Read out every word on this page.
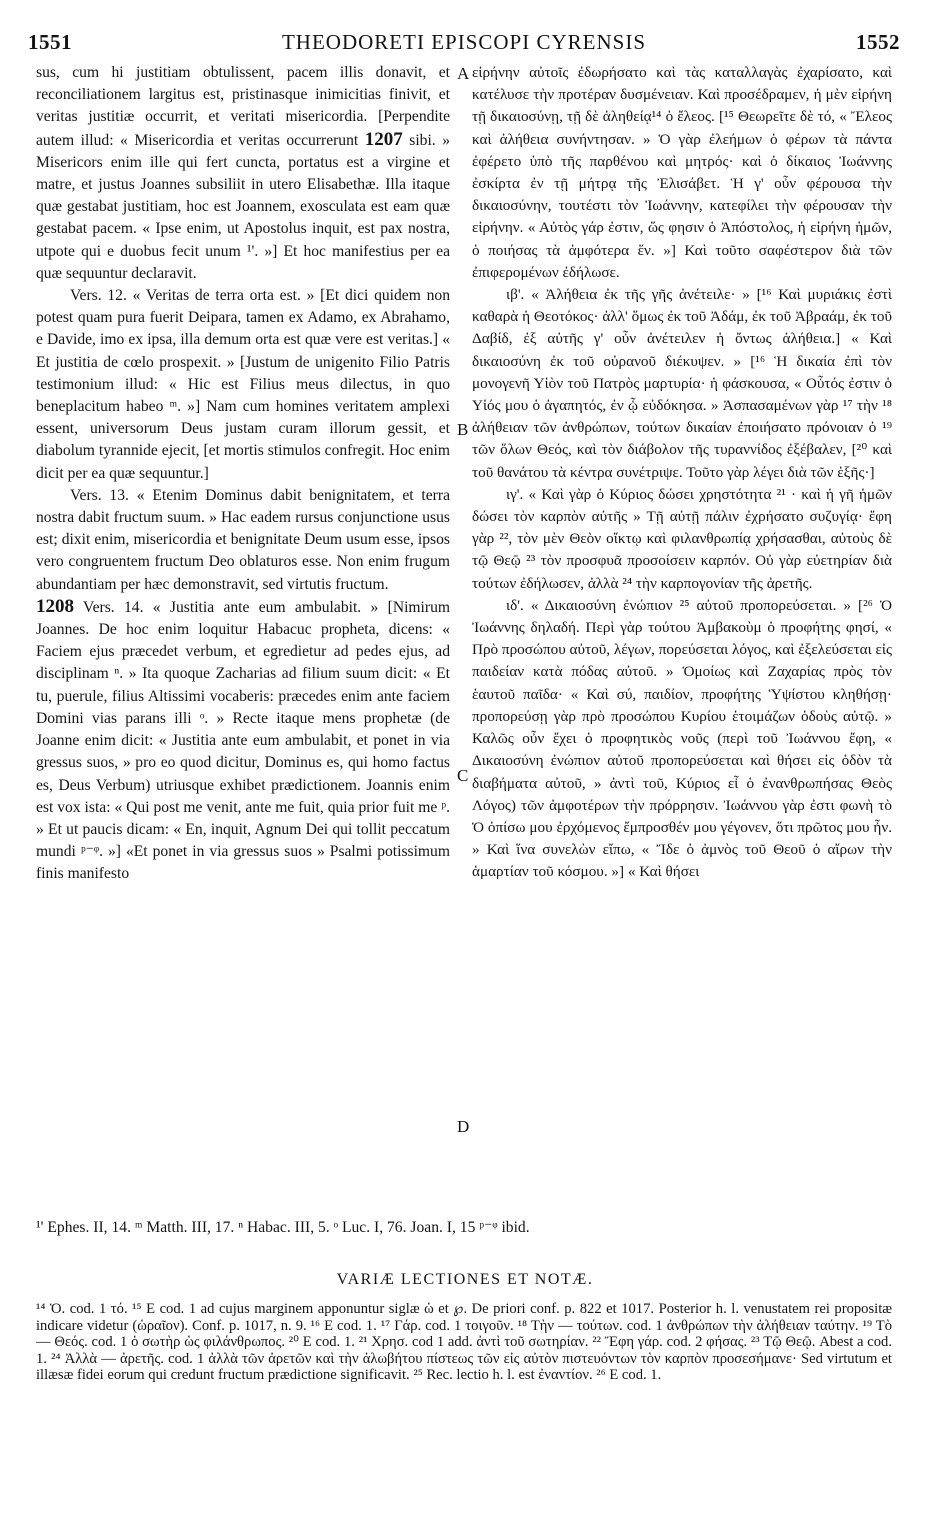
1551	THEODORETI EPISCOPI CYRENSIS	1552

sus, cum hi justitiam obtulissent, pacem illis donavit, et reconciliationem largitus est, pristinasque inimicitias finivit, et veritas justitiæ occurrit, et veritati misericordia. [Perpendite autem illud: « Misericordia et veritas occurrerunt 1207 sibi. » Misericors enim ille qui fert cuncta, portatus est a virgine et matre, et justus Joannes subsiliit in utero Elisabethæ. Illa itaque quæ gestabat justitiam, hoc est Joannem, exosculata est eam quæ gestabat pacem. « Ipse enim, ut Apostolus inquit, est pax nostra, utpote qui e duobus fecit unum ¹'. »] Et hoc manifestius per ea quæ sequuntur declaravit.

Vers. 12. « Veritas de terra orta est. » [Et dici quidem non potest quam pura fuerit Deipara, tamen ex Adamo, ex Abrahamo, e Davide, imo ex ipsa, illa demum orta est quæ vere est veritas.] « Et justitia de cœlo prospexit. » [Justum de unigenito Filio Patris testimonium illud: « Hic est Filius meus dilectus, in quo beneplacitum habeo ᵐ. »] Nam cum homines veritatem amplexi essent, universorum Deus justam curam illorum gessit, et diabolum tyrannide ejecit, [et mortis stimulos confregit. Hoc enim dicit per ea quæ sequuntur.]

Vers. 13. « Etenim Dominus dabit benignitatem, et terra nostra dabit fructum suum. » Hac eadem rursus conjunctione usus est; dixit enim, misericordia et benignitate Deum usum esse, ipsos vero congruentem fructum Deo oblaturos esse. Non enim frugum abundantiam per hæc demonstravit, sed virtutis fructum.

1208 Vers. 14. « Justitia ante eum ambulabit. » [Nimirum Joannes. De hoc enim loquitur Habacuc propheta, dicens: « Faciem ejus præcedet verbum, et egredietur ad pedes ejus, ad disciplinam ⁿ. » Ita quoque Zacharias ad filium suum dicit: « Et tu, puerule, filius Altissimi vocaberis: præcedes enim ante faciem Domini vias parans illi ᵒ. » Recte itaque mens prophetæ (de Joanne enim dicit: « Justitia ante eum ambulabit, et ponet in via gressus suos, » pro eo quod dicitur, Dominus es, qui homo factus es, Deus Verbum) utriusque exhibet prædictionem. Joannis enim est vox ista: « Qui post me venit, ante me fuit, quia prior fuit me ᵖ. » Et ut paucis dicam: « En, inquit, Agnum Dei qui tollit peccatum mundi ᵖ⁻ᵠ. »] «Et ponet in via gressus suos » Psalmi potissimum finis manifesto

A
B
C
D

εἰρήνην αὐτοῖς ἐδωρήσατο καὶ τὰς καταλλαγὰς ἐχαρίσατο, καὶ κατέλυσε τὴν προτέραν δυσμένειαν. Καὶ προσέδραμεν, ἡ μὲν εἰρήνη τῇ δικαιοσύνῃ, τῇ δὲ ἀληθείᾳ¹⁴ ὁ ἔλεος. [¹⁵ Θεωρεῖτε δὲ τό, « Ἔλεος καὶ ἀλήθεια συνήντησαν. » Ὁ γὰρ ἐλεήμων ὁ φέρων τὰ πάντα ἐφέρετο ὑπὸ τῆς παρθένου καὶ μητρός· καὶ ὁ δίκαιος Ἰωάννης ἐσκίρτα ἐν τῇ μήτρᾳ τῆς Ἐλισάβετ. Ἡ γ' οὖν φέρουσα τὴν δικαιοσύνην, τουτέστι τὸν Ἰωάννην, κατεφίλει τὴν φέρουσαν τὴν εἰρήνην. « Αὐτὸς γάρ ἐστιν, ὥς φησιν ὁ Ἀπόστολος, ἡ εἰρήνη ἡμῶν, ὁ ποιήσας τὰ ἀμφότερα ἕν. »] Καὶ τοῦτο σαφέστερον διὰ τῶν ἐπιφερομένων ἐδήλωσε.

ιβ'. « Ἀλήθεια ἐκ τῆς γῆς ἀνέτειλε· » [¹⁶ Καὶ μυριάκις ἐστὶ καθαρὰ ἡ Θεοτόκος· ἀλλ' ὅμως ἐκ τοῦ Ἀδάμ, ἐκ τοῦ Ἀβραάμ, ἐκ τοῦ Δαβίδ, ἐξ αὐτῆς γ' οὖν ἀνέτειλεν ἡ ὄντως ἀλήθεια.] « Καὶ δικαιοσύνη ἐκ τοῦ οὐρανοῦ διέκυψεν. » [¹⁶ Ἡ δικαία ἐπὶ τὸν μονογενῆ Υἱὸν τοῦ Πατρὸς μαρτυρία· ἡ φάσκουσα, « Οὗτός ἐστιν ὁ Υἱός μου ὁ ἀγαπητός, ἐν ᾧ εὐδόκησα. » Ἀσπασαμένων γὰρ ¹⁷ τὴν ¹⁸ ἀλήθειαν τῶν ἀνθρώπων, τούτων δικαίαν ἐποιήσατο πρόνοιαν ὁ ¹⁹ τῶν ὅλων Θεός, καὶ τὸν διάβολον τῆς τυραννίδος ἐξέβαλεν, [²⁰ καὶ τοῦ θανάτου τὰ κέντρα συνέτριψε. Τοῦτο γὰρ λέγει διὰ τῶν ἑξῆς·]

ιγ'. « Καὶ γὰρ ὁ Κύριος δώσει χρηστότητα ²¹ · καὶ ἡ γῆ ἡμῶν δώσει τὸν καρπὸν αὐτῆς » Τῇ αὐτῇ πάλιν ἐχρήσατο συζυγίᾳ· ἔφη γὰρ ²², τὸν μὲν Θεὸν οἴκτῳ καὶ φιλανθρωπίᾳ χρήσασθαι, αὐτοὺς δὲ τῷ Θεῷ ²³ τὸν προσφυᾶ προσοίσειν καρπόν. Οὐ γὰρ εὐετηρίαν διὰ τούτων ἐδήλωσεν, ἀλλὰ ²⁴ τὴν καρπογονίαν τῆς ἀρετῆς.

ιδ'. « Δικαιοσύνη ἐνώπιον ²⁵ αὐτοῦ προπορεύσεται. » [²⁶ Ὁ Ἰωάννης δηλαδή. Περὶ γὰρ τούτου Ἀμβακοὺμ ὁ προφήτης φησί, « Πρὸ προσώπου αὐτοῦ, λέγων, πορεύσεται λόγος, καὶ ἐξελεύσεται εἰς παιδείαν κατὰ πόδας αὐτοῦ. » Ὁμοίως καὶ Ζαχαρίας πρὸς τὸν ἑαυτοῦ παῖδα· « Καὶ σύ, παιδίον, προφήτης Ὑψίστου κληθήσῃ· προπορεύσῃ γὰρ πρὸ προσώπου Κυρίου ἑτοιμάζων ὁδοὺς αὐτῷ. » Καλῶς οὖν ἔχει ὁ προφητικὸς νοῦς (περὶ τοῦ Ἰωάννου ἔφη, « Δικαιοσύνη ἐνώπιον αὐτοῦ προπορεύσεται καὶ θήσει εἰς ὁδὸν τὰ διαβήματα αὐτοῦ, » ἀντὶ τοῦ, Κύριος εἶ ὁ ἐνανθρωπήσας Θεὸς Λόγος) τῶν ἀμφοτέρων τὴν πρόρρησιν. Ἰωάννου γὰρ ἐστι φωνὴ τὸ Ὁ ὀπίσω μου ἐρχόμενος ἔμπροσθέν μου γέγονεν, ὅτι πρῶτος μου ἦν. » Καὶ ἵνα συνελὼν εἴπω, « Ἴδε ὁ ἀμνὸς τοῦ Θεοῦ ὁ αἴρων τὴν ἁμαρτίαν τοῦ κόσμου. »] « Καὶ θήσει

¹' Ephes. II, 14. ᵐ Matth. III, 17. ⁿ Habac. III, 5. ᵒ Luc. I, 76. Joan. I, 15 ᵖ⁻ᵠ ibid.
VARIÆ LECTIONES ET NOTÆ.
¹⁴ Ὁ. cod. 1 τό. ¹⁵ E cod. 1 ad cujus marginem apponuntur siglæ ὡ et ℘. De priori conf. p. 822 et 1017. Posterior h. l. venustatem rei propositæ indicare videtur (ὡραῖον). Conf. p. 1017, n. 9. ¹⁶ E cod. 1. ¹⁷ Γάρ. cod. 1 τοιγοῦν. ¹⁸ Τὴν — τούτων. cod. 1 ἀνθρώπων τὴν ἀλήθειαν ταύτην. ¹⁹ Τὸ — Θεός. cod. 1 ὁ σωτὴρ ὡς φιλάνθρωπος. ²⁰ E cod. 1. ²¹ Χρησ. cod 1 add. ἀντὶ τοῦ σωτηρίαν. ²² Ἔφη γάρ. cod. 2 φήσας. ²³ Τῷ Θεῷ. Abest a cod. 1. ²⁴ Ἀλλὰ — ἀρετῆς. cod. 1 ἀλλὰ τῶν ἀρετῶν καὶ τὴν ἀλωβήτου πίστεως τῶν εἰς αὐτὸν πιστευόντων τὸν καρπὸν προσεσήμανε· Sed virtutum et illæsæ fidei eorum qui credunt fructum prædictione significavit. ²⁵ Rec. lectio h. l. est ἐναντίον. ²⁶ E cod. 1.
